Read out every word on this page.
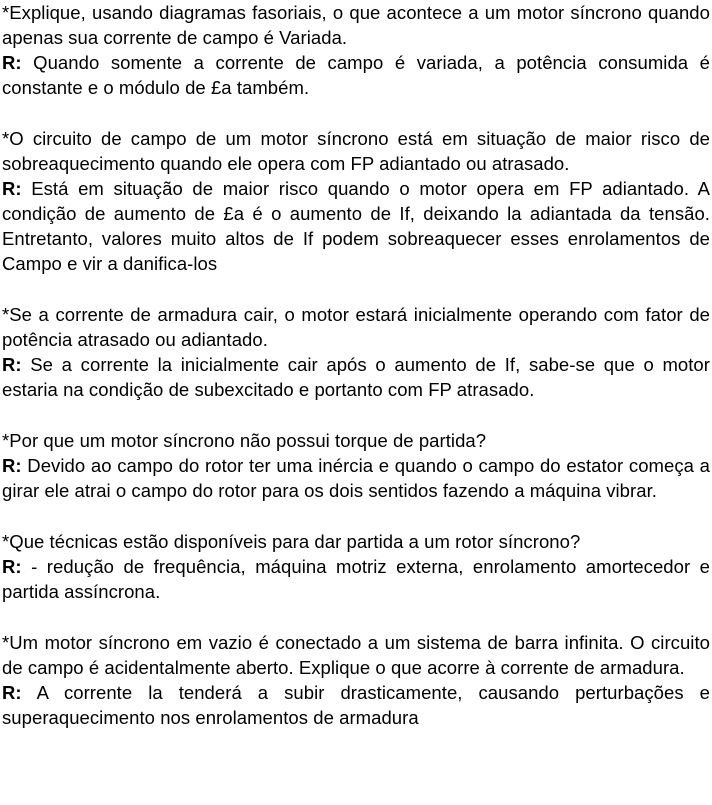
*Explique, usando diagramas fasoriais, o que acontece a um motor síncrono quando apenas sua corrente de campo é Variada.

R: Quando somente a corrente de campo é variada, a potência consumida é constante e o módulo de £a também.

*O circuito de campo de um motor síncrono está em situação de maior risco de sobreaquecimento quando ele opera com FP adiantado ou atrasado.

R: Está em situação de maior risco quando o motor opera em FP adiantado. A condição de aumento de £a é o aumento de If, deixando la adiantada da tensão. Entretanto, valores muito altos de If podem sobreaquecer esses enrolamentos de Campo e vir a danifica-los

*Se a corrente de armadura cair, o motor estará inicialmente operando com fator de potência atrasado ou adiantado.

R: Se a corrente la inicialmente cair após o aumento de If, sabe-se que o motor estaria na condição de subexcitado e portanto com FP atrasado.

*Por que um motor síncrono não possui torque de partida?

R: Devido ao campo do rotor ter uma inércia e quando o campo do estator começa a girar ele atrai o campo do rotor para os dois sentidos fazendo a máquina vibrar.

*Que técnicas estão disponíveis para dar partida a um rotor síncrono?

R: - redução de frequência, máquina motriz externa, enrolamento amortecedor e partida assíncrona.

*Um motor síncrono em vazio é conectado a um sistema de barra infinita. O circuito de campo é acidentalmente aberto. Explique o que acorre à corrente de armadura.

R: A corrente la tenderá a subir drasticamente, causando perturbações e superaquecimento nos enrolamentos de armadura
